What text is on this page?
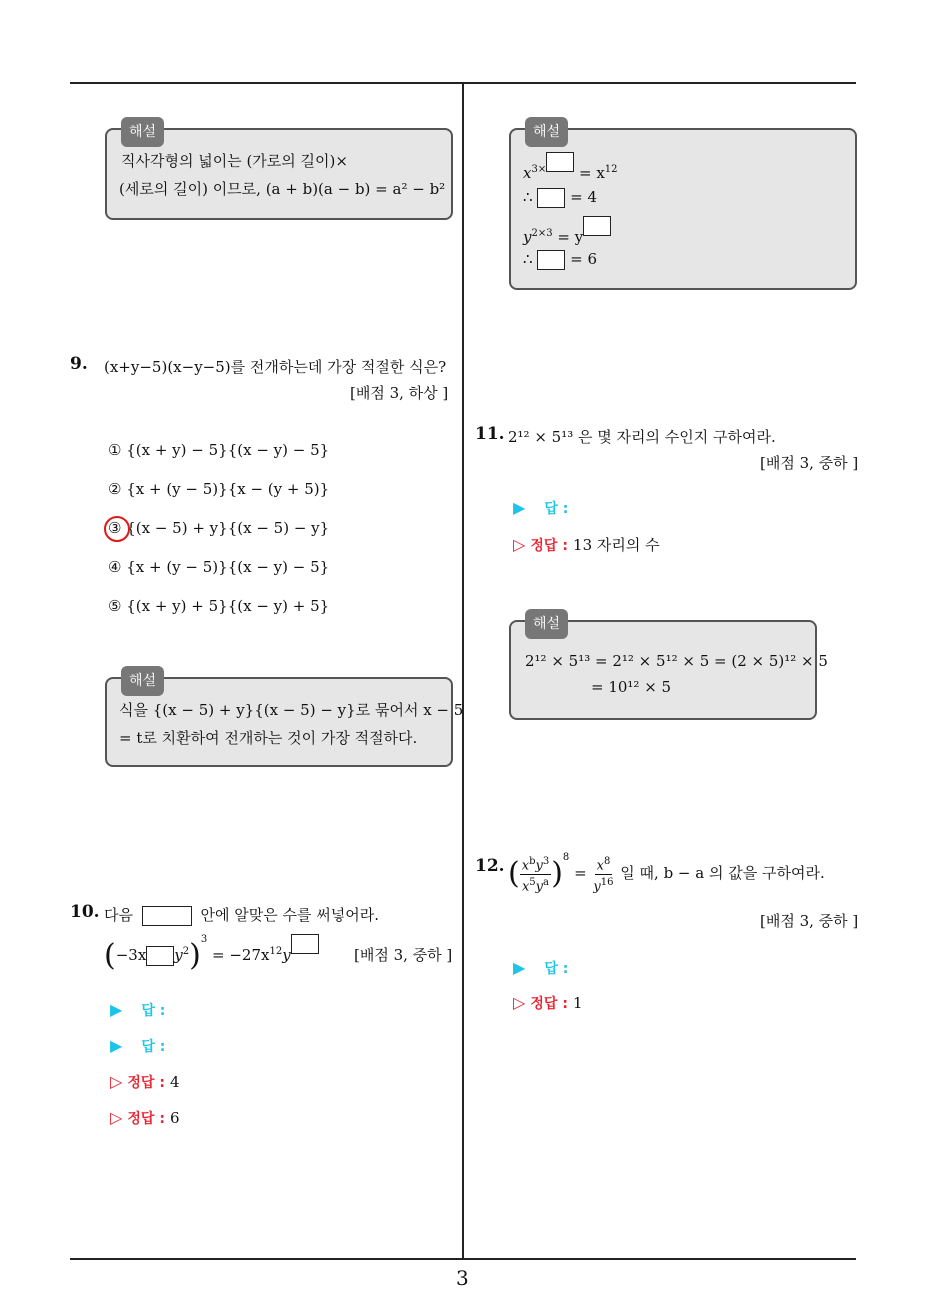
해설
직사각형의 넓이는 (가로의 길이)×
(세로의 길이) 이므로, (a + b)(a − b) = a² − b²
9. (x+y−5)(x−y−5)를 전개하는데 가장 적절한 식은?
[배점 3, 하상 ]
① {(x + y) − 5}{(x − y) − 5}
② {x + (y − 5)}{x − (y + 5)}
③ {(x − 5) + y}{(x − 5) − y}
④ {x + (y − 5)}{(x − y) − 5}
⑤ {(x + y) + 5}{(x − y) + 5}
해설
식을 {(x − 5) + y}{(x − 5) − y}로 묶어서 x − 5
= t로 치환하여 전개하는 것이 가장 적절하다.
10. 다음	안에 알맞은 수를 써넣어라.
(−3x $y^2)^3 = -27x^{12}y$	[배점 3, 중하 ]
▶ 답 :
▶ 답 :
▷ 정답 : 4
▷ 정답 : 6
해설
$x^{3\times} = x^{12}$
∴	= 4
$y^{2\times 3} = y$
∴	= 6
11. 2¹² × 5¹³ 은 몇 자리의 수인지 구하여라.
[배점 3, 중하 ]
▶ 답 :
▷ 정답 : 13 자리의 수
해설
2¹² × 5¹³ = 2¹² × 5¹² × 5 = (2 × 5)¹² × 5
= 10¹² × 5
12. ( $\frac{x^by^3}{x^5y^a} )^8 = \frac{x^8}{y^{16}}$ 일 때, b − a 의 값을 구하여라.
[배점 3, 중하 ]
▶ 답 :
▷ 정답 : 1
3
